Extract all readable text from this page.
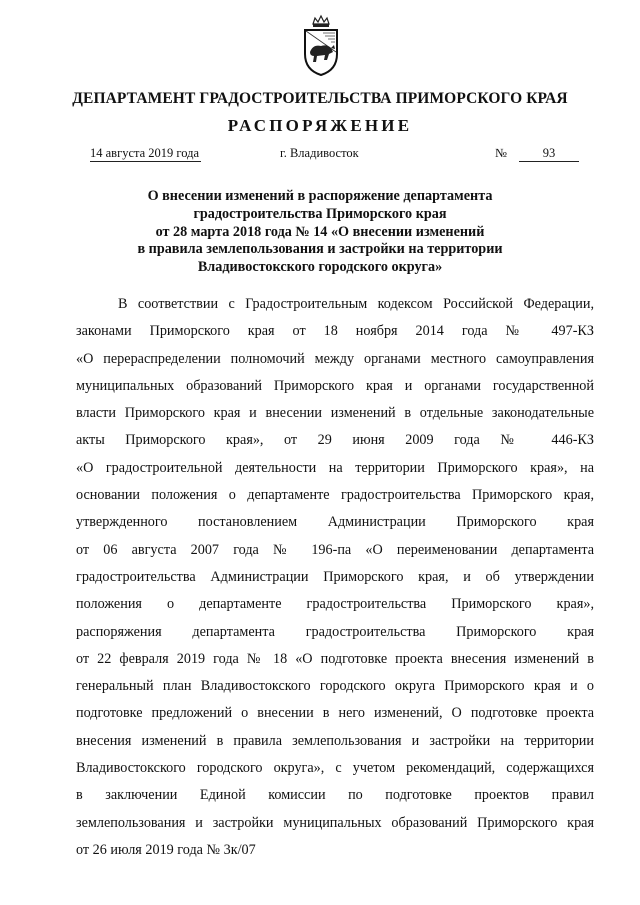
ДЕПАРТАМЕНТ ГРАДОСТРОИТЕЛЬСТВА ПРИМОРСКОГО КРАЯ
РАСПОРЯЖЕНИЕ
14 августа 2019 года	г. Владивосток	№	93
О внесении изменений в распоряжение департамента
градостроительства Приморского края
от 28 марта 2018 года № 14 «О внесении изменений
в правила землепользования и застройки на территории
Владивостокского городского округа»
В соответствии с Градостроительным кодексом Российской Федерации,
законами Приморского края от 18 ноября 2014 года № 497-КЗ
«О перераспределении полномочий между органами местного самоуправления
муниципальных образований Приморского края и органами государственной
власти Приморского края и внесении изменений в отдельные законодательные
акты Приморского края», от 29 июня 2009 года № 446-КЗ
«О градостроительной деятельности на территории Приморского края», на
основании положения о департаменте градостроительства Приморского края,
утвержденного постановлением Администрации Приморского края
от 06 августа 2007 года № 196-па «О переименовании департамента
градостроительства Администрации Приморского края, и об утверждении
положения о департаменте градостроительства Приморского края»,
распоряжения департамента градостроительства Приморского края
от 22 февраля 2019 года № 18 «О подготовке проекта внесения изменений в
генеральный план Владивостокского городского округа Приморского края и о
подготовке предложений о внесении в него изменений, О подготовке проекта
внесения изменений в правила землепользования и застройки на территории
Владивостокского городского округа», с учетом рекомендаций, содержащихся
в заключении Единой комиссии по подготовке проектов правил
землепользования и застройки муниципальных образований Приморского края
от 26 июля 2019 года № 3к/07
